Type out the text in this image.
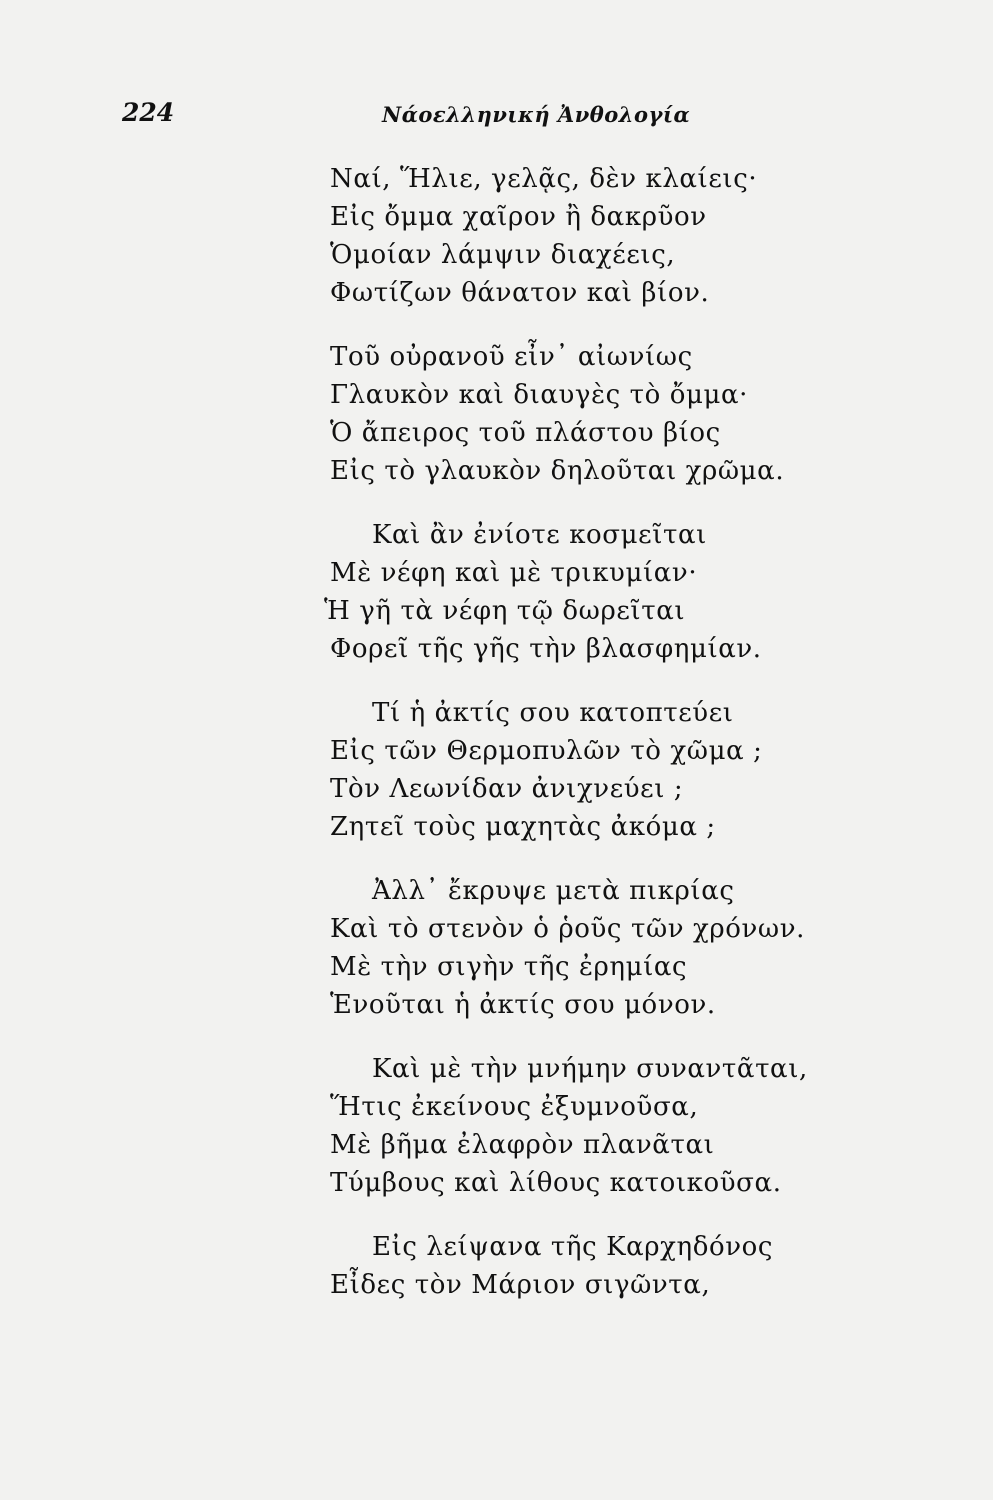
224	Νάοελληνική Ἀνθολογία
Ναί, Ἥλιε, γελᾷς, δὲν κλαίεις·
Εἰς ὄμμα χαῖρον ἢ δακρῦον
Ὁμοίαν λάμψιν διαχέεις,
Φωτίζων θάνατον καὶ βίον.
Τοῦ οὐρανοῦ εἶν᾽ αἰωνίως
Γλαυκὸν καὶ διαυγὲς τὸ ὄμμα·
Ὁ ἄπειρος τοῦ πλάστου βίος
Εἰς τὸ γλαυκὸν δηλοῦται χρῶμα.
Καὶ ἂν ἐνίοτε κοσμεῖται
Μὲ νέφη καὶ μὲ τρικυμίαν·
Ἡ γῆ τὰ νέφη τῷ δωρεῖται
Φορεῖ τῆς γῆς τὴν βλασφημίαν.
Τί ἡ ἀκτίς σου κατοπτεύει
Εἰς τῶν Θερμοπυλῶν τὸ χῶμα ;
Τὸν Λεωνίδαν ἀνιχνεύει ;
Ζητεῖ τοὺς μαχητὰς ἀκόμα ;
Ἀλλ᾽ ἔκρυψε μετὰ πικρίας
Καὶ τὸ στενὸν ὁ ῥοῦς τῶν χρόνων.
Μὲ τὴν σιγὴν τῆς ἐρημίας
Ἑνοῦται ἡ ἀκτίς σου μόνον.
Καὶ μὲ τὴν μνήμην συναντᾶται,
Ἥτις ἐκείνους ἐξυμνοῦσα,
Μὲ βῆμα ἐλαφρὸν πλανᾶται
Τύμβους καὶ λίθους κατοικοῦσα.
Εἰς λείψανα τῆς Καρχηδόνος
Εἶδες τὸν Μάριον σιγῶντα,
